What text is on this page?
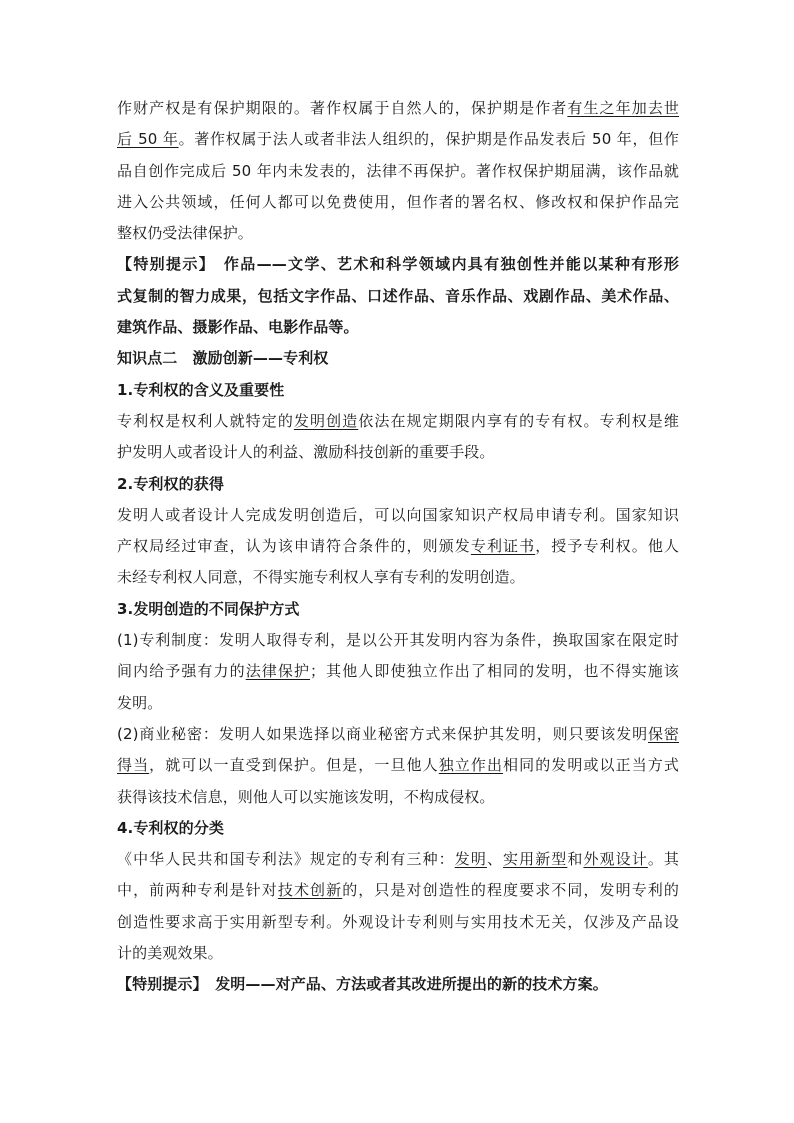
作财产权是有保护期限的。著作权属于自然人的，保护期是作者有生之年加去世
后 50 年。著作权属于法人或者非法人组织的，保护期是作品发表后 50 年，但作
品自创作完成后 50 年内未发表的，法律不再保护。著作权保护期届满，该作品就
进入公共领域，任何人都可以免费使用，但作者的署名权、修改权和保护作品完
整权仍受法律保护。
【特别提示】　作品——文学、艺术和科学领域内具有独创性并能以某种有形形
式复制的智力成果，包括文字作品、口述作品、音乐作品、戏剧作品、美术作品、
建筑作品、摄影作品、电影作品等。
知识点二　激励创新——专利权
1.专利权的含义及重要性
专利权是权利人就特定的发明创造依法在规定期限内享有的专有权。专利权是维
护发明人或者设计人的利益、激励科技创新的重要手段。
2.专利权的获得
发明人或者设计人完成发明创造后，可以向国家知识产权局申请专利。国家知识
产权局经过审查，认为该申请符合条件的，则颁发专利证书，授予专利权。他人
未经专利权人同意，不得实施专利权人享有专利的发明创造。
3.发明创造的不同保护方式
(1)专利制度：发明人取得专利，是以公开其发明内容为条件，换取国家在限定时
间内给予强有力的法律保护；其他人即使独立作出了相同的发明，也不得实施该
发明。
(2)商业秘密：发明人如果选择以商业秘密方式来保护其发明，则只要该发明保密
得当，就可以一直受到保护。但是，一旦他人独立作出相同的发明或以正当方式
获得该技术信息，则他人可以实施该发明，不构成侵权。
4.专利权的分类
《中华人民共和国专利法》规定的专利有三种：发明、实用新型和外观设计。其
中，前两种专利是针对技术创新的，只是对创造性的程度要求不同，发明专利的
创造性要求高于实用新型专利。外观设计专利则与实用技术无关，仅涉及产品设
计的美观效果。
【特别提示】　发明——对产品、方法或者其改进所提出的新的技术方案。
